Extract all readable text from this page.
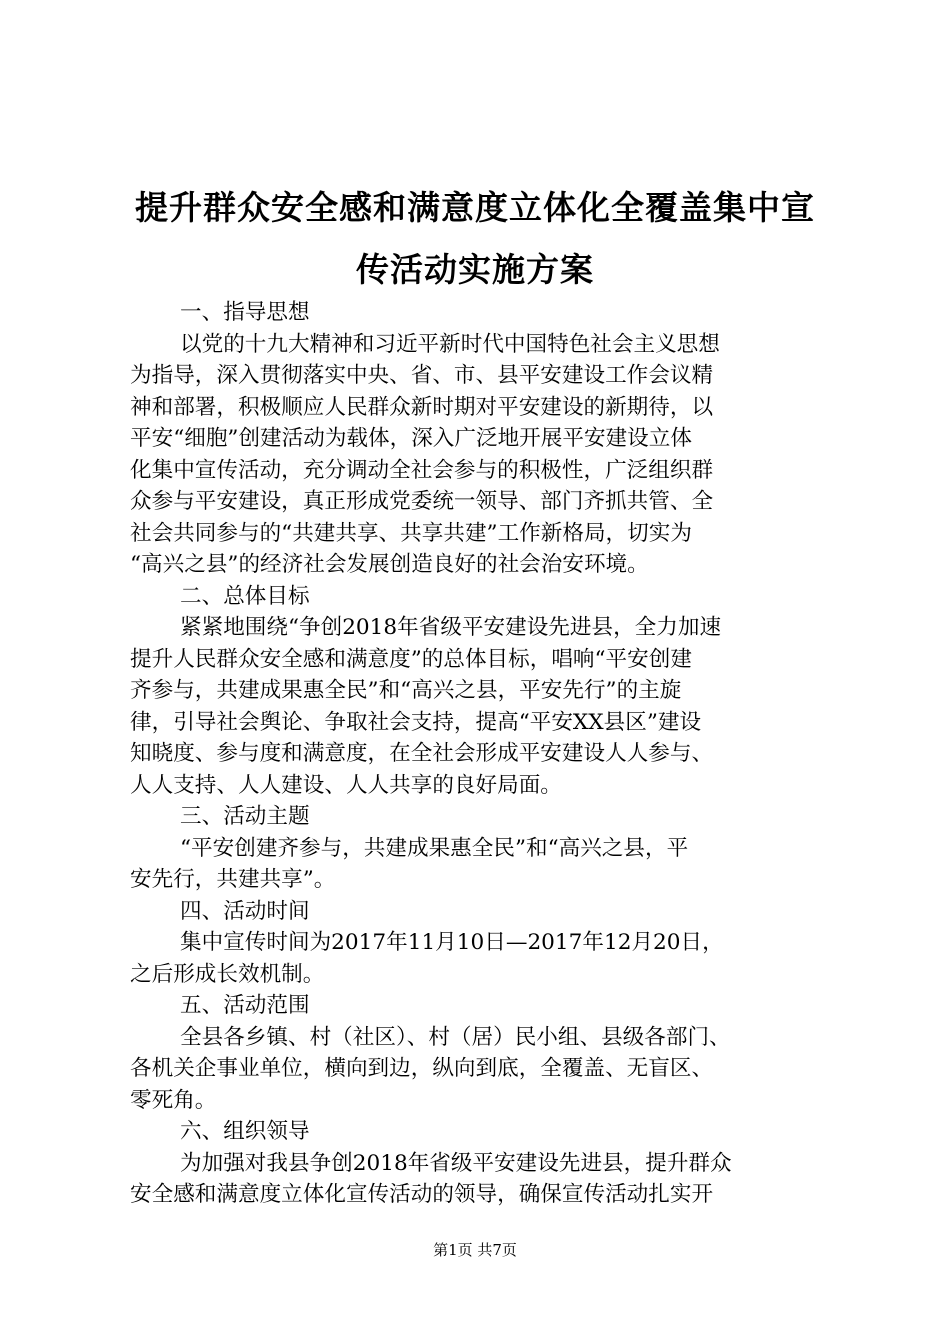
提升群众安全感和满意度立体化全覆盖集中宣
传活动实施方案
一、指导思想
以党的十九大精神和习近平新时代中国特色社会主义思想
为指导，深入贯彻落实中央、省、市、县平安建设工作会议精
神和部署，积极顺应人民群众新时期对平安建设的新期待，以
平安“细胞”创建活动为载体，深入广泛地开展平安建设立体
化集中宣传活动，充分调动全社会参与的积极性，广泛组织群
众参与平安建设，真正形成党委统一领导、部门齐抓共管、全
社会共同参与的“共建共享、共享共建”工作新格局，切实为
“高兴之县”的经济社会发展创造良好的社会治安环境。
二、总体目标
紧紧地围绕“争创2018年省级平安建设先进县，全力加速
提升人民群众安全感和满意度”的总体目标，唱响“平安创建
齐参与，共建成果惠全民”和“高兴之县，平安先行”的主旋
律，引导社会舆论、争取社会支持，提高“平安XX县区”建设
知晓度、参与度和满意度，在全社会形成平安建设人人参与、
人人支持、人人建设、人人共享的良好局面。
三、活动主题
“平安创建齐参与，共建成果惠全民”和“高兴之县，平
安先行，共建共享”。
四、活动时间
集中宣传时间为2017年11月10日—2017年12月20日，
之后形成长效机制。
五、活动范围
全县各乡镇、村（社区）、村（居）民小组、县级各部门、
各机关企事业单位，横向到边，纵向到底，全覆盖、无盲区、
零死角。
六、组织领导
为加强对我县争创2018年省级平安建设先进县，提升群众
安全感和满意度立体化宣传活动的领导，确保宣传活动扎实开
第1页 共7页
